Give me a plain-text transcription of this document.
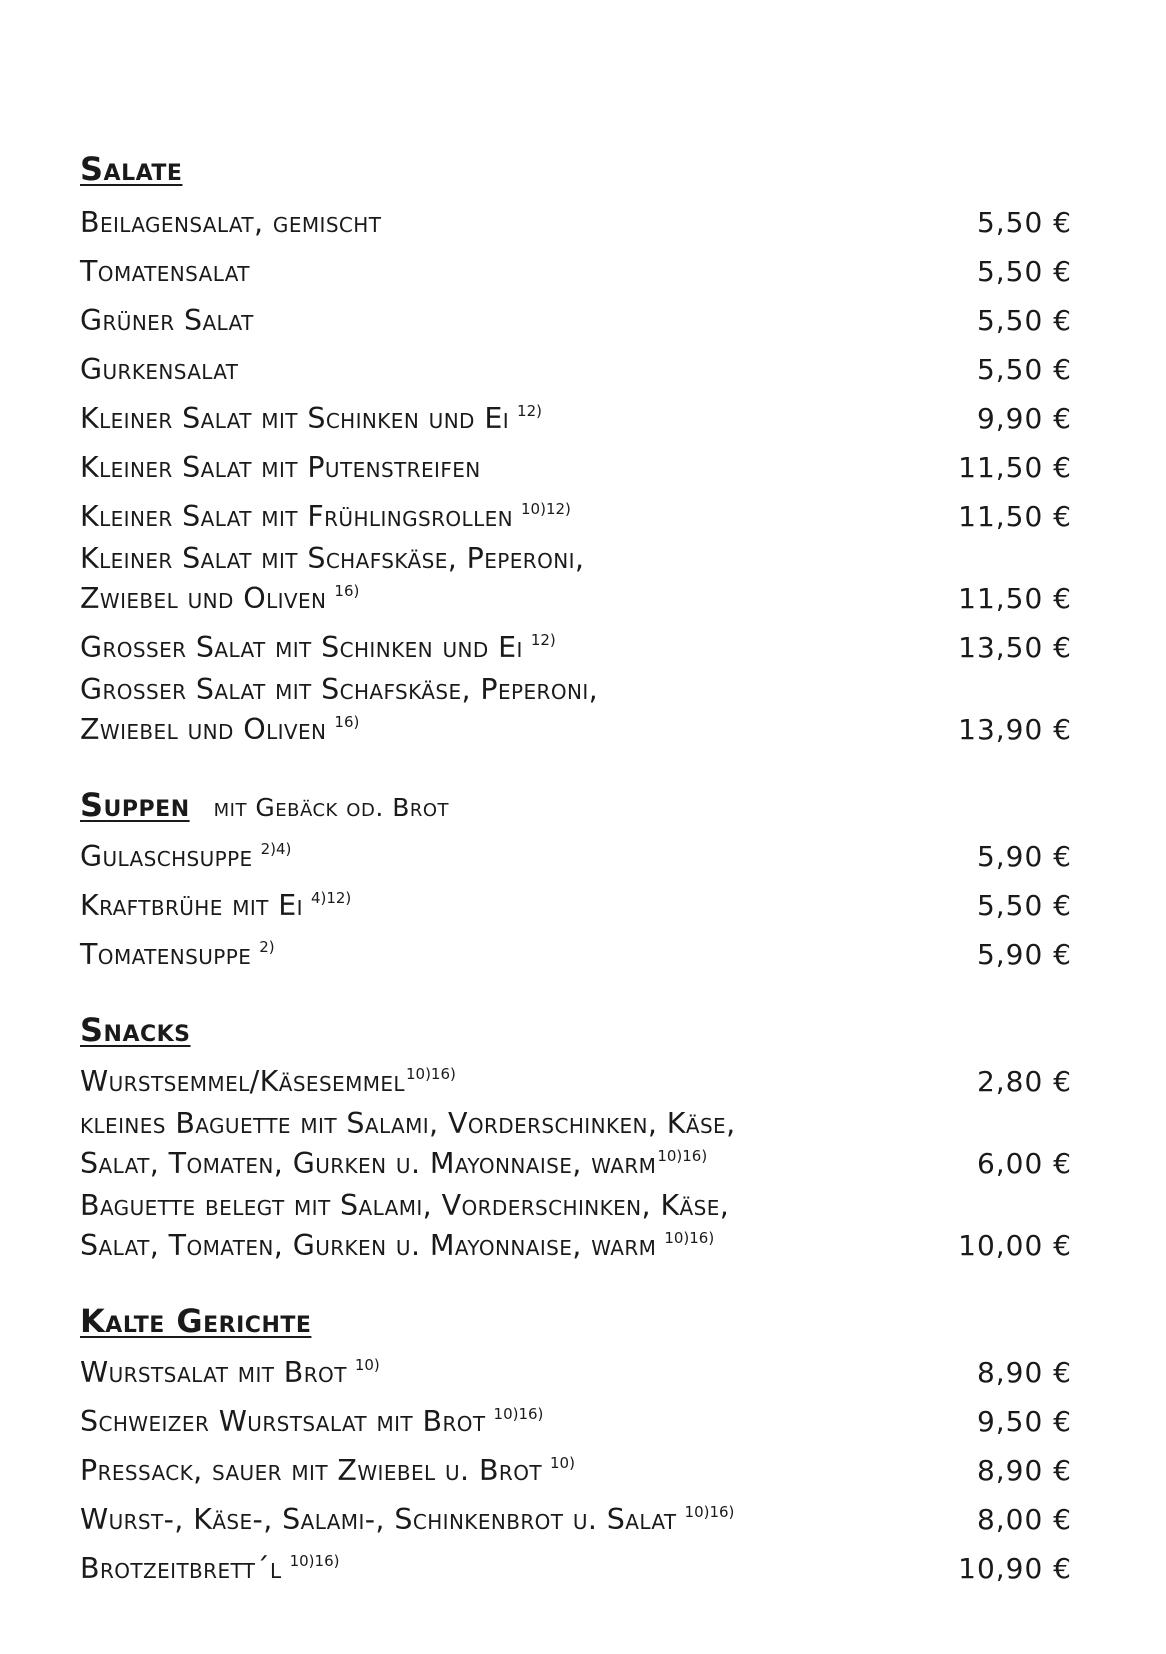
Salate
Beilagensalat, gemischt	5,50 €
Tomatensalat	5,50 €
Grüner Salat	5,50 €
Gurkensalat	5,50 €
Kleiner Salat mit Schinken und Ei $^{12)}$	9,90 €
Kleiner Salat mit Putenstreifen	11,50 €
Kleiner Salat mit Frühlingsrollen $^{10)12)}$	11,50 €
Kleiner Salat mit Schafskäse, Peperoni,
Zwiebel und Oliven $^{16)}$	11,50 €
Grosser Salat mit Schinken und Ei $^{12)}$	13,50 €
Grosser Salat mit Schafskäse, Peperoni,
Zwiebel und Oliven $^{16)}$	13,90 €
Suppen mit Gebäck od. Brot
Gulaschsuppe $^{2)4)}$	5,90 €
Kraftbrühe mit Ei $^{4)12)}$	5,50 €
Tomatensuppe $^{2)}$	5,90 €
Snacks
Wurstsemmel/Käsesemmel$^{10)16)}$	2,80 €
kleines Baguette mit Salami, Vorderschinken, Käse,
Salat, Tomaten, Gurken u. Mayonnaise, warm$^{10)16)}$	6,00 €
Baguette belegt mit Salami, Vorderschinken, Käse,
Salat, Tomaten, Gurken u. Mayonnaise, warm $^{10)16)}$	10,00 €
Kalte Gerichte
Wurstsalat mit Brot $^{10)}$	8,90 €
Schweizer Wurstsalat mit Brot $^{10)16)}$	9,50 €
Pressack, sauer mit Zwiebel u. Brot $^{10)}$	8,90 €
Wurst-, Käse-, Salami-, Schinkenbrot u. Salat $^{10)16)}$	8,00 €
Brotzeitbrett´l $^{10)16)}$	10,90 €
